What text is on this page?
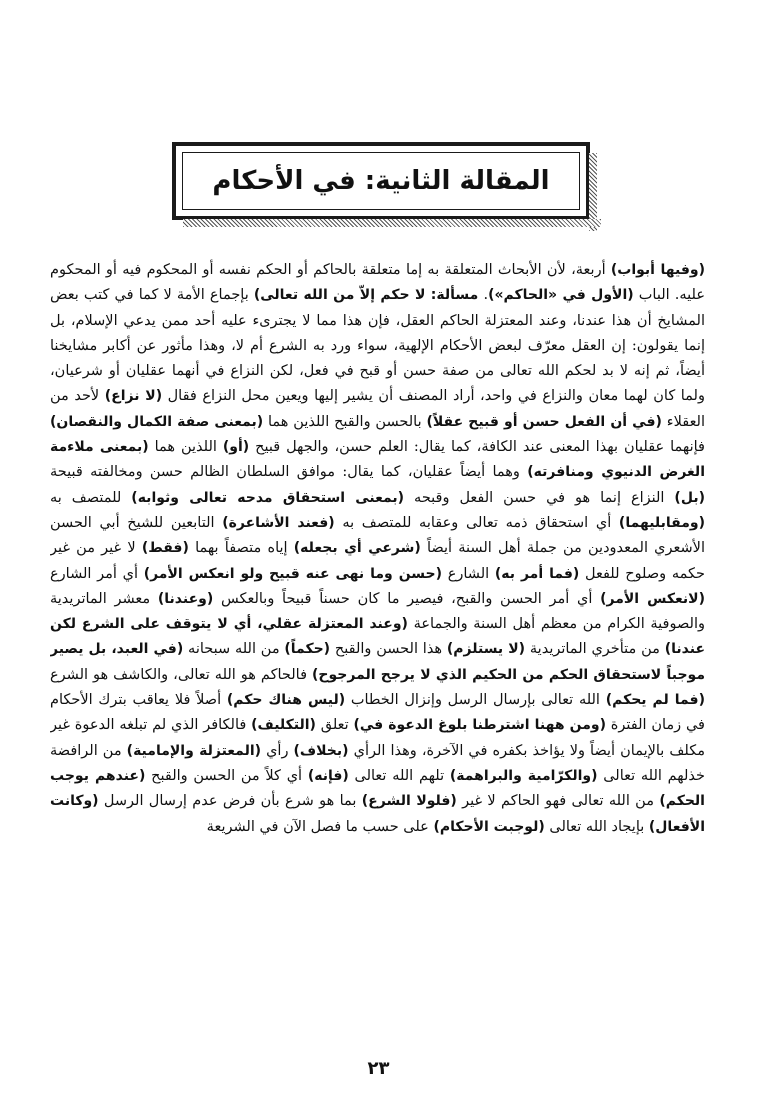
المقالة الثانية: في الأحكام

(وفيها أبواب) أربعة، لأن الأبحاث المتعلقة به إما متعلقة بالحاكم أو الحكم نفسه أو المحكوم فيه أو المحكوم عليه. الباب (الأول في «الحاكم»). مسألة: لا حكم إلاّ من الله تعالى) بإجماع الأمة لا كما في كتب بعض المشايخ أن هذا عندنا، وعند المعتزلة الحاكم العقل، فإن هذا مما لا يجترىء عليه أحد ممن يدعي الإسلام، بل إنما يقولون: إن العقل معرّف لبعض الأحكام الإلهية، سواء ورد به الشرع أم لا، وهذا مأثور عن أكابر مشايخنا أيضاً، ثم إنه لا بد لحكم الله تعالى من صفة حسن أو قبح في فعل، لكن النزاع في أنهما عقليان أو شرعيان، ولما كان لهما معان والنزاع في واحد، أراد المصنف أن يشير إليها ويعين محل النزاع فقال (لا نزاع) لأحد من العقلاء (في أن الفعل حسن أو قبيح عقلاً) بالحسن والقبح اللذين هما (بمعنى صفة الكمال والنقصان) فإنهما عقليان بهذا المعنى عند الكافة، كما يقال: العلم حسن، والجهل قبيح (أو) اللذين هما (بمعنى ملاءمة الغرض الدنيوي ومنافرته) وهما أيضاً عقليان، كما يقال: موافق السلطان الظالم حسن ومخالفته قبيحة (بل) النزاع إنما هو في حسن الفعل وقبحه (بمعنى استحقاق مدحه تعالى وثوابه) للمتصف به (ومقابليهما) أي استحقاق ذمه تعالى وعقابه للمتصف به (فعند الأشاعرة) التابعين للشيخ أبي الحسن الأشعري المعدودين من جملة أهل السنة أيضاً (شرعي أي بجعله) إياه متصفاً بهما (فقط) لا غير من غير حكمه وصلوح للفعل (فما أمر به) الشارع (حسن وما نهى عنه قبيح ولو انعكس الأمر) أي أمر الشارع (لانعكس الأمر) أي أمر الحسن والقبح، فيصير ما كان حسناً قبيحاً وبالعكس (وعندنا) معشر الماتريدية والصوفية الكرام من معظم أهل السنة والجماعة (وعند المعتزلة عقلي، أي لا يتوقف على الشرع لكن عندنا) من متأخري الماتريدية (لا يستلزم) هذا الحسن والقبح (حكماً) من الله سبحانه (في العبد، بل يصير موجباً لاستحقاق الحكم من الحكيم الذي لا يرجح المرجوح) فالحاكم هو الله تعالى، والكاشف هو الشرع (فما لم يحكم) الله تعالى بإرسال الرسل وإنزال الخطاب (ليس هناك حكم) أصلاً فلا يعاقب بترك الأحكام في زمان الفترة (ومن ههنا اشترطنا بلوغ الدعوة في) تعلق (التكليف) فالكافر الذي لم تبلغه الدعوة غير مكلف بالإيمان أيضاً ولا يؤاخذ بكفره في الآخرة، وهذا الرأي (بخلاف) رأي (المعتزلة والإمامية) من الرافضة خذلهم الله تعالى (والكرّامية والبراهمة) تلهم الله تعالى (فإنه) أي كلاً من الحسن والقبح (عندهم يوجب الحكم) من الله تعالى فهو الحاكم لا غير (فلولا الشرع) بما هو شرع بأن فرض عدم إرسال الرسل (وكانت الأفعال) بإيجاد الله تعالى (لوجبت الأحكام) على حسب ما فصل الآن في الشريعة

٢٣
